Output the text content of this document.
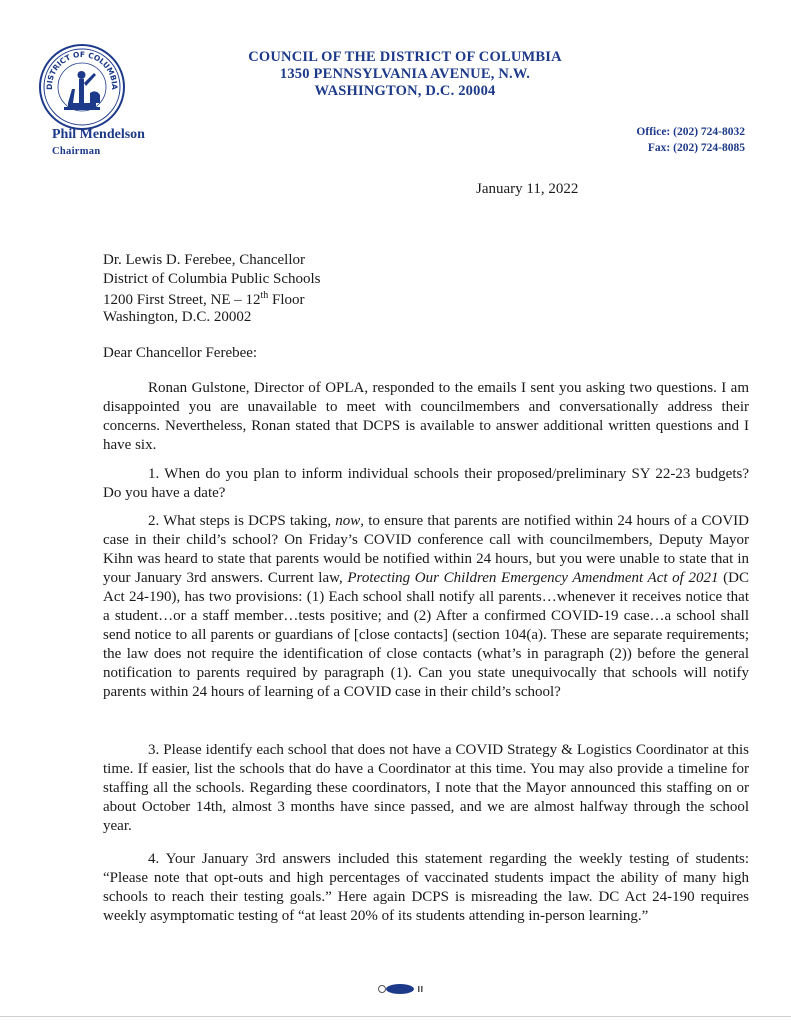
DISTRICT OF COLUMBIA
COUNCIL OF THE DISTRICT OF COLUMBIA
1350 PENNSYLVANIA AVENUE, N.W.
WASHINGTON, D.C. 20004
Phil Mendelson
Chairman
Office: (202) 724-8032
Fax: (202) 724-8085
January 11, 2022
Dr. Lewis D. Ferebee, Chancellor
District of Columbia Public Schools
1200 First Street, NE – 12th Floor
Washington, D.C. 20002
Dear Chancellor Ferebee:

Ronan Gulstone, Director of OPLA, responded to the emails I sent you asking two questions. I am disappointed you are unavailable to meet with councilmembers and conversationally address their concerns. Nevertheless, Ronan stated that DCPS is available to answer additional written questions and I have six.

1. When do you plan to inform individual schools their proposed/preliminary SY 22-23 budgets? Do you have a date?

2. What steps is DCPS taking, now, to ensure that parents are notified within 24 hours of a COVID case in their child’s school? On Friday’s COVID conference call with councilmembers, Deputy Mayor Kihn was heard to state that parents would be notified within 24 hours, but you were unable to state that in your January 3rd answers. Current law, Protecting Our Children Emergency Amendment Act of 2021 (DC Act 24-190), has two provisions: (1) Each school shall notify all parents…whenever it receives notice that a student…or a staff member…tests positive; and (2) After a confirmed COVID-19 case…a school shall send notice to all parents or guardians of [close contacts] (section 104(a). These are separate requirements; the law does not require the identification of close contacts (what’s in paragraph (2)) before the general notification to parents required by paragraph (1). Can you state unequivocally that schools will notify parents within 24 hours of learning of a COVID case in their child’s school?

3. Please identify each school that does not have a COVID Strategy & Logistics Coordinator at this time. If easier, list the schools that do have a Coordinator at this time. You may also provide a timeline for staffing all the schools. Regarding these coordinators, I note that the Mayor announced this staffing on or about October 14th, almost 3 months have since passed, and we are almost halfway through the school year.

4. Your January 3rd answers included this statement regarding the weekly testing of students: “Please note that opt-outs and high percentages of vaccinated students impact the ability of many high schools to reach their testing goals.” Here again DCPS is misreading the law. DC Act 24-190 requires weekly asymptomatic testing of “at least 20% of its students attending in-person learning.”
